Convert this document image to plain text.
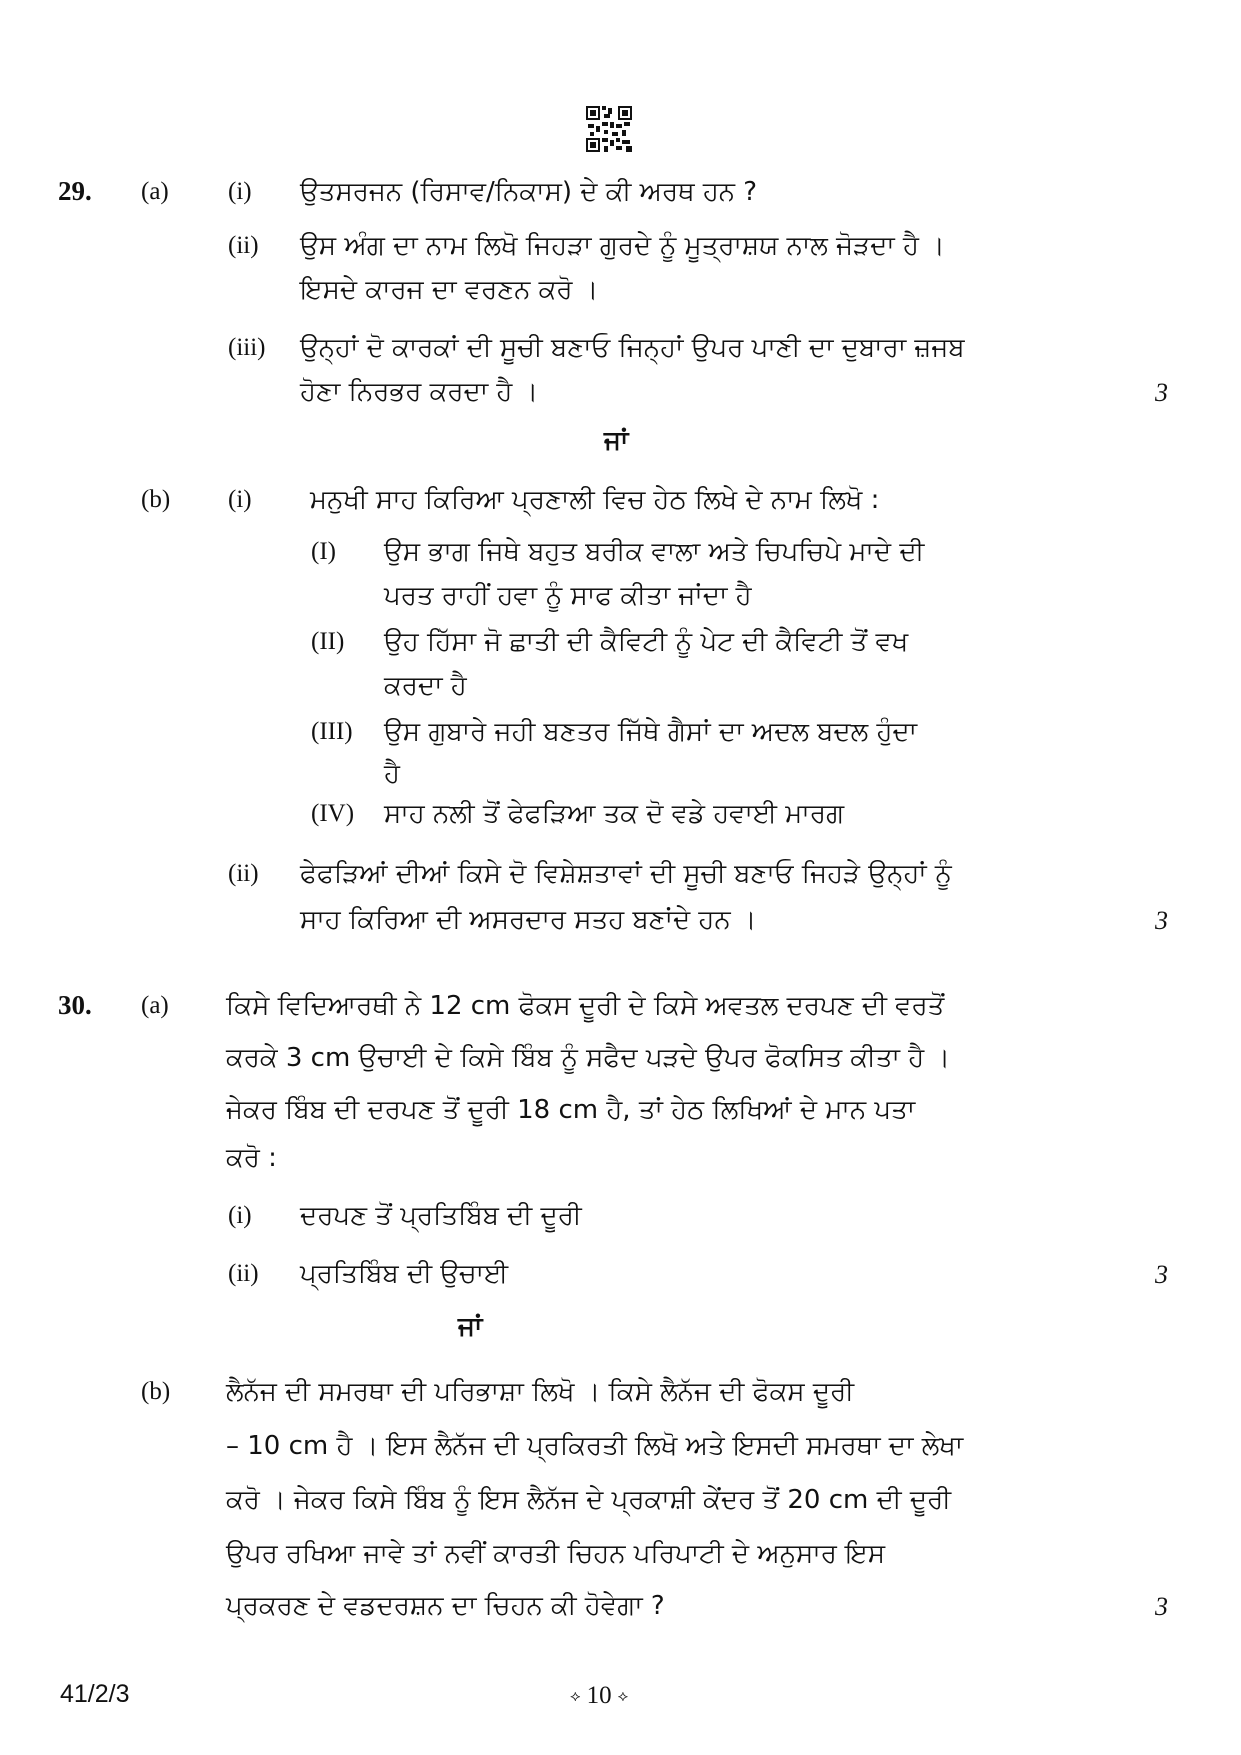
29. (a) (i) ਉਤਸਰਜਨ (ਰਿਸਾਵ/ਨਿਕਾਸ) ਦੇ ਕੀ ਅਰਥ ਹਨ ?
(ii) ਉਸ ਅੰਗ ਦਾ ਨਾਮ ਲਿਖੋ ਜਿਹੜਾ ਗੁਰਦੇ ਨੂੰ ਮੂਤ੍ਰਾਸ਼ਯ ਨਾਲ ਜੋੜਦਾ ਹੈ ।
ਇਸਦੇ ਕਾਰਜ ਦਾ ਵਰਣਨ ਕਰੋ ।
(iii) ਉਨ੍ਹਾਂ ਦੋ ਕਾਰਕਾਂ ਦੀ ਸੂਚੀ ਬਣਾਓ ਜਿਨ੍ਹਾਂ ਉਪਰ ਪਾਣੀ ਦਾ ਦੁਬਾਰਾ ਜ਼ਜਬ
ਹੋਣਾ ਨਿਰਭਰ ਕਰਦਾ ਹੈ ।	3
ਜਾਂ
(b) (i) ਮਨੁਖੀ ਸਾਹ ਕਿਰਿਆ ਪ੍ਰਣਾਲੀ ਵਿਚ ਹੇਠ ਲਿਖੇ ਦੇ ਨਾਮ ਲਿਖੋ :
(I) ਉਸ ਭਾਗ ਜਿਥੇ ਬਹੁਤ ਬਰੀਕ ਵਾਲਾ ਅਤੇ ਚਿਪਚਿਪੇ ਮਾਦੇ ਦੀ
ਪਰਤ ਰਾਹੀਂ ਹਵਾ ਨੂੰ ਸਾਫ ਕੀਤਾ ਜਾਂਦਾ ਹੈ
(II) ਉਹ ਹਿੱਸਾ ਜੋ ਛਾਤੀ ਦੀ ਕੈਵਿਟੀ ਨੂੰ ਪੇਟ ਦੀ ਕੈਵਿਟੀ ਤੋਂ ਵਖ
ਕਰਦਾ ਹੈ
(III) ਉਸ ਗੁਬਾਰੇ ਜਹੀ ਬਣਤਰ ਜਿੱਥੇ ਗੈਸਾਂ ਦਾ ਅਦਲ ਬਦਲ ਹੁੰਦਾ
ਹੈ
(IV) ਸਾਹ ਨਲੀ ਤੋਂ ਫੇਫੜਿਆ ਤਕ ਦੋ ਵਡੇ ਹਵਾਈ ਮਾਰਗ
(ii) ਫੇਫੜਿਆਂ ਦੀਆਂ ਕਿਸੇ ਦੋ ਵਿਸ਼ੇਸ਼ਤਾਵਾਂ ਦੀ ਸੂਚੀ ਬਣਾਓ ਜਿਹੜੇ ਉਨ੍ਹਾਂ ਨੂੰ
ਸਾਹ ਕਿਰਿਆ ਦੀ ਅਸਰਦਾਰ ਸਤਹ ਬਣਾਂਦੇ ਹਨ ।	3
30. (a) ਕਿਸੇ ਵਿਦਿਆਰਥੀ ਨੇ 12 cm ਫੋਕਸ ਦੂਰੀ ਦੇ ਕਿਸੇ ਅਵਤਲ ਦਰਪਣ ਦੀ ਵਰਤੋਂ
ਕਰਕੇ 3 cm ਉਚਾਈ ਦੇ ਕਿਸੇ ਬਿੰਬ ਨੂੰ ਸਫੈਦ ਪੜਦੇ ਉਪਰ ਫੋਕਸਿਤ ਕੀਤਾ ਹੈ ।
ਜੇਕਰ ਬਿੰਬ ਦੀ ਦਰਪਣ ਤੋਂ ਦੂਰੀ 18 cm ਹੈ, ਤਾਂ ਹੇਠ ਲਿਖਿਆਂ ਦੇ ਮਾਨ ਪਤਾ
ਕਰੋ :
(i) ਦਰਪਣ ਤੋਂ ਪ੍ਰਤਿਬਿੰਬ ਦੀ ਦੂਰੀ
(ii) ਪ੍ਰਤਿਬਿੰਬ ਦੀ ਉਚਾਈ	3
ਜਾਂ
(b) ਲੈਨੱਜ ਦੀ ਸਮਰਥਾ ਦੀ ਪਰਿਭਾਸ਼ਾ ਲਿਖੋ । ਕਿਸੇ ਲੈਨੱਜ ਦੀ ਫੋਕਸ ਦੂਰੀ
– 10 cm ਹੈ । ਇਸ ਲੈਨੱਜ ਦੀ ਪ੍ਰਕਿਰਤੀ ਲਿਖੋ ਅਤੇ ਇਸਦੀ ਸਮਰਥਾ ਦਾ ਲੇਖਾ
ਕਰੋ । ਜੇਕਰ ਕਿਸੇ ਬਿੰਬ ਨੂੰ ਇਸ ਲੈਨੱਜ ਦੇ ਪ੍ਰਕਾਸ਼ੀ ਕੇਂਦਰ ਤੋਂ 20 cm ਦੀ ਦੂਰੀ
ਉਪਰ ਰਖਿਆ ਜਾਵੇ ਤਾਂ ਨਵੀਂ ਕਾਰਤੀ ਚਿਹਨ ਪਰਿਪਾਟੀ ਦੇ ਅਨੁਸਾਰ ਇਸ
ਪ੍ਰਕਰਣ ਦੇ ਵਡਦਰਸ਼ਨ ਦਾ ਚਿਹਨ ਕੀ ਹੋਵੇਗਾ ?	3
41/2/3	⟡ 10 ⟡
